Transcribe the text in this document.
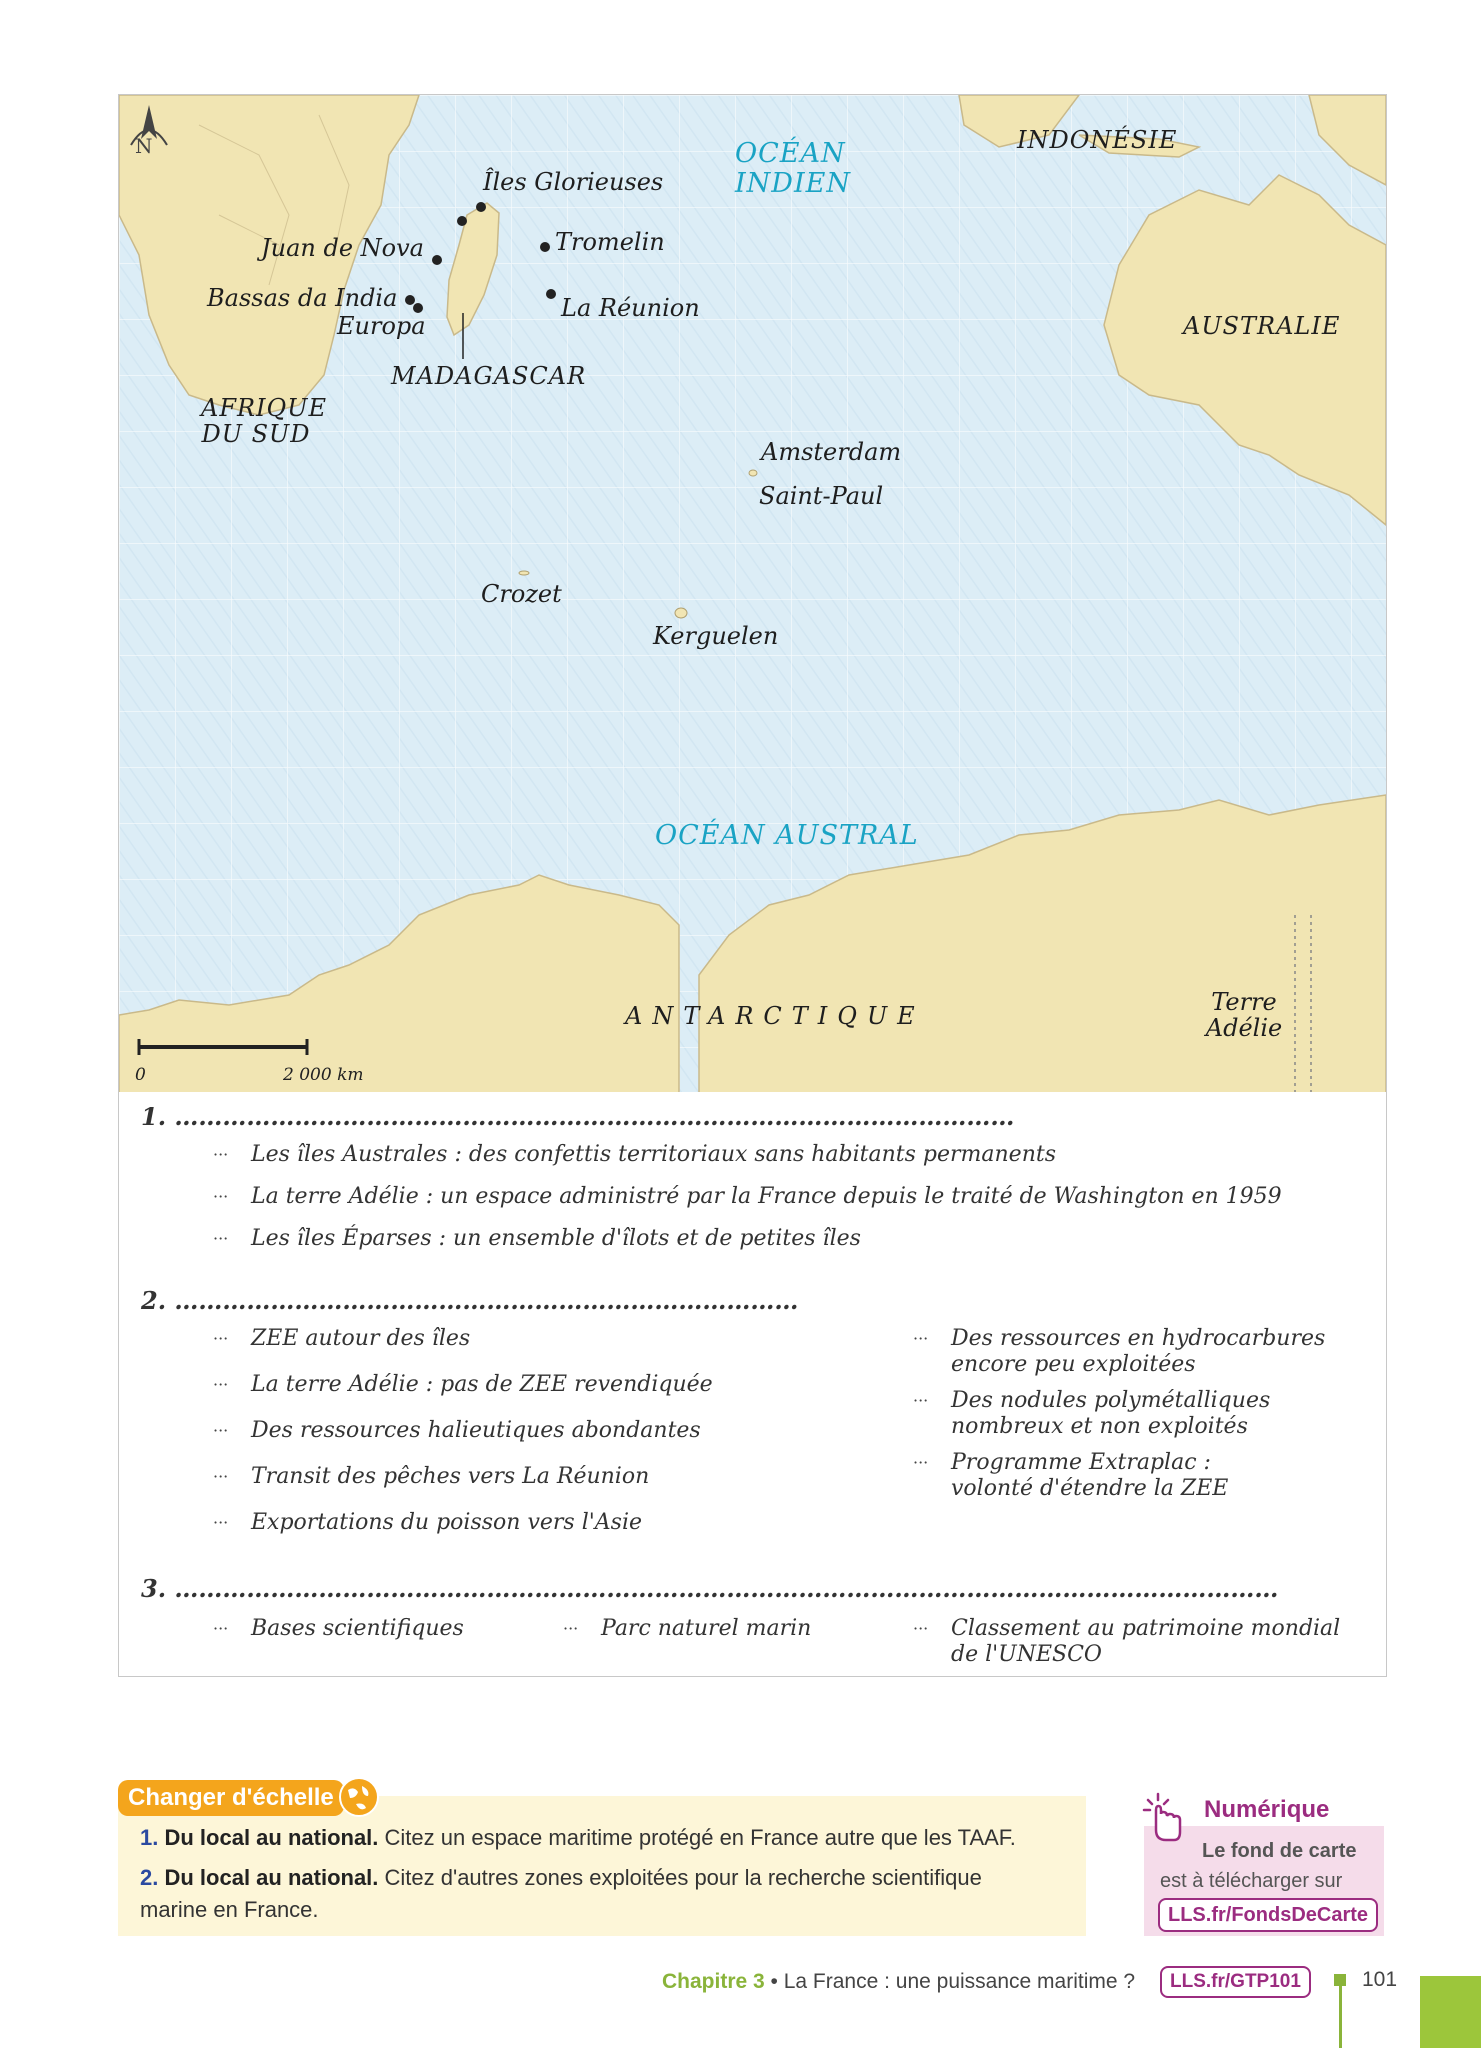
N	OCÉAN INDIEN
OCÉAN AUSTRAL
INDONÉSIE
AUSTRALIE
Îles Glorieuses
Juan de Nova	Tromelin
Bassas da India
Europa
La Réunion
MADAGASCAR
AFRIQUE DU SUD
Amsterdam
Saint-Paul
Crozet
Kerguelen
ANTARCTIQUE	Terre Adélie
0	2 000 km
1. ……………………………………………………………………………………………
··· Les îles Australes : des confettis territoriaux sans habitants permanents
··· La terre Adélie : un espace administré par la France depuis le traité de Washington en 1959
··· Les îles Éparses : un ensemble d'îlots et de petites îles
2. ……………………………………………………………………
··· ZEE autour des îles
··· La terre Adélie : pas de ZEE revendiquée
··· Des ressources halieutiques abondantes
··· Transit des pêches vers La Réunion
··· Exportations du poisson vers l'Asie
··· Des ressources en hydrocarbures encore peu exploitées
··· Des nodules polymétalliques nombreux et non exploités
··· Programme Extraplac : volonté d'étendre la ZEE
3. …………………………………………………………………………………………………………………………
··· Bases scientifiques	··· Parc naturel marin	··· Classement au patrimoine mondial de l'UNESCO
1. Du local au national. Citez un espace maritime protégé en France autre que les TAAF.
2. Du local au national. Citez d'autres zones exploitées pour la recherche scientifique marine en France.
Changer d'échelle	Numérique
Le fond de carte
est à télécharger sur
LLS.fr/FondsDeCarte
Chapitre 3 • La France : une puissance maritime ?	LLS.fr/GTP101	101
